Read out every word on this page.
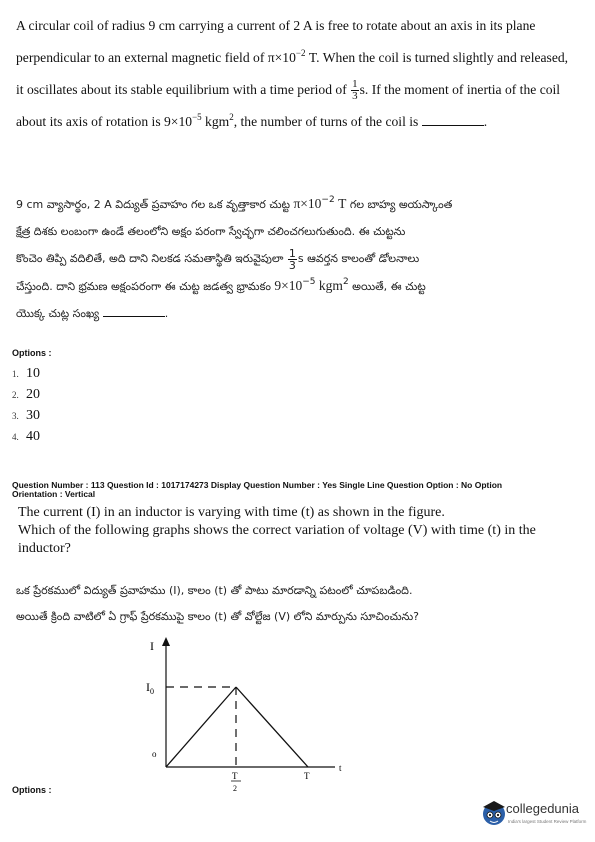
A circular coil of radius 9 cm carrying a current of 2 A is free to rotate about an axis in its plane perpendicular to an external magnetic field of $\pi\times 10^{-2}$ T. When the coil is turned slightly and released, it oscillates about its stable equilibrium with a time period of $\frac{1}{3} s$. If the moment of inertia of the coil about its axis of rotation is $9\times 10^{-5}$ kgm$^2$, the number of turns of the coil is	.
9 cm వ్యాసార్థం, 2 A విద్యుత్ ప్రవాహం గల ఒక వృత్తాకార చుట్ట $\pi\times 10^{-2}$ T గల బాహ్య అయస్కాంత
క్షేత్ర దిశకు లంబంగా ఉండే తలంలోని అక్షం పరంగా స్వేచ్ఛగా చలించగలుగుతుంది. ఈ చుట్టను
కొంచెం తిప్పి వదిలితే, అది దాని నిలకడ సమతాస్థితి ఇరువైపులా $\frac{1}{3}$ s ఆవర్తన కాలంతో డోలనాలు
చేస్తుంది. దాని భ్రమణ అక్షంపరంగా ఈ చుట్ట జడత్వ భ్రామకం $9\times 10^{-5}$ kgm$^2$ అయితే, ఈ చుట్ట
యొక్క చుట్ల సంఖ్య	.
Options :
1. 10
2. 20
3. 30
4. 40
Question Number : 113 Question Id : 1017174273 Display Question Number : Yes Single Line Question Option : No Option
Orientation : Vertical
The current (I) in an inductor is varying with time (t) as shown in the figure.
Which of the following graphs shows the correct variation of voltage (V) with time (t) in the inductor?
ఒక ప్రేరకములో విద్యుత్ ప్రవాహము (I), కాలం (t) తో పాటు మారడాన్ని పటంలో చూపబడింది.
అయితే క్రింది వాటిలో ఏ గ్రాఫ్ ప్రేరకముపై కాలం (t) తో వోల్టేజ (V) లోని మార్పును సూచించును?
I
$I_0$
o
T
2
T
t
Options :
collegedunia
India's largest Student Review Platform
